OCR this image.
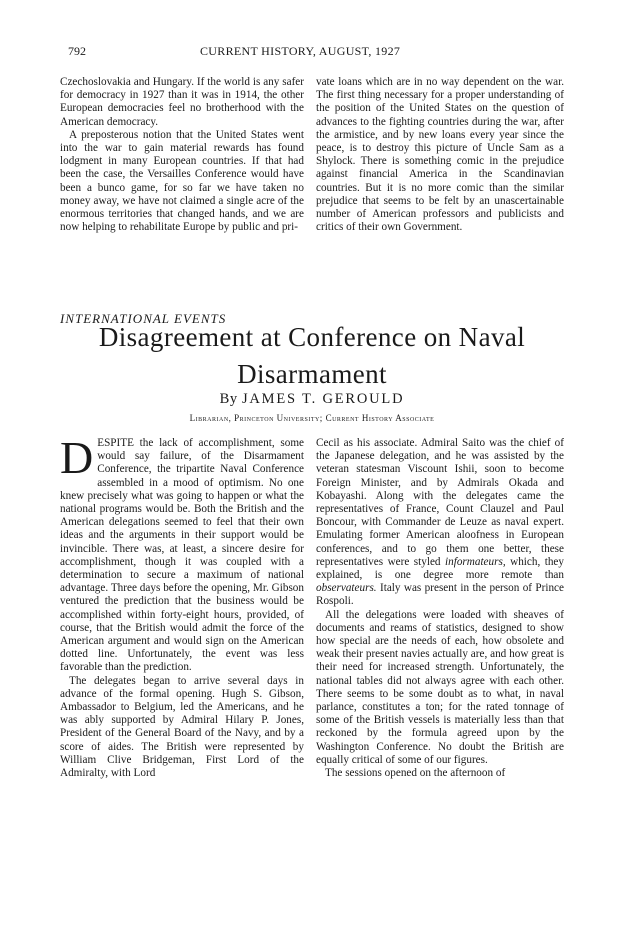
792	CURRENT HISTORY, AUGUST, 1927

Czechoslovakia and Hungary. If the world is any safer for democracy in 1927 than it was in 1914, the other European democracies feel no brotherhood with the American democracy.

A preposterous notion that the United States went into the war to gain material rewards has found lodgment in many European countries. If that had been the case, the Versailles Conference would have been a bunco game, for so far we have taken no money away, we have not claimed a single acre of the enormous territories that changed hands, and we are now helping to rehabilitate Europe by public and pri-

vate loans which are in no way dependent on the war. The first thing necessary for a proper understanding of the position of the United States on the question of advances to the fighting countries during the war, after the armistice, and by new loans every year since the peace, is to destroy this picture of Uncle Sam as a Shylock. There is something comic in the prejudice against financial America in the Scandinavian countries. But it is no more comic than the similar prejudice that seems to be felt by an unascertainable number of American professors and publicists and critics of their own Government.

INTERNATIONAL EVENTS
Disagreement at Conference on Naval
Disarmament
By JAMES T. GEROULD
Librarian, Princeton University; Current History Associate

DESPITE the lack of accomplishment, some would say failure, of the Disarmament Conference, the tripartite Naval Conference assembled in a mood of optimism. No one knew precisely what was going to happen or what the national programs would be. Both the British and the American delegations seemed to feel that their own ideas and the arguments in their support would be invincible. There was, at least, a sincere desire for accomplishment, though it was coupled with a determination to secure a maximum of national advantage. Three days before the opening, Mr. Gibson ventured the prediction that the business would be accomplished within forty-eight hours, provided, of course, that the British would admit the force of the American argument and would sign on the American dotted line. Unfortunately, the event was less favorable than the prediction.

The delegates began to arrive several days in advance of the formal opening. Hugh S. Gibson, Ambassador to Belgium, led the Americans, and he was ably supported by Admiral Hilary P. Jones, President of the General Board of the Navy, and by a score of aides. The British were represented by William Clive Bridgeman, First Lord of the Admiralty, with Lord

Cecil as his associate. Admiral Saito was the chief of the Japanese delegation, and he was assisted by the veteran statesman Viscount Ishii, soon to become Foreign Minister, and by Admirals Okada and Kobayashi. Along with the delegates came the representatives of France, Count Clauzel and Paul Boncour, with Commander de Leuze as naval expert. Emulating former American aloofness in European conferences, and to go them one better, these representatives were styled informateurs, which, they explained, is one degree more remote than observateurs. Italy was present in the person of Prince Rospoli.

All the delegations were loaded with sheaves of documents and reams of statistics, designed to show how special are the needs of each, how obsolete and weak their present navies actually are, and how great is their need for increased strength. Unfortunately, the national tables did not always agree with each other. There seems to be some doubt as to what, in naval parlance, constitutes a ton; for the rated tonnage of some of the British vessels is materially less than that reckoned by the formula agreed upon by the Washington Conference. No doubt the British are equally critical of some of our figures.

The sessions opened on the afternoon of
